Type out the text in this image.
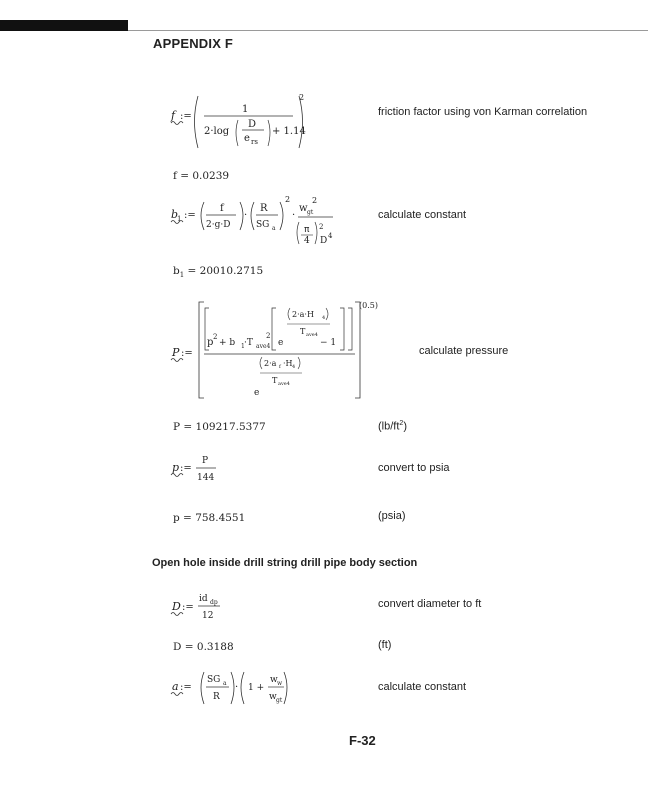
APPENDIX F
f :=
1
2·log
D
e rs
+ 1.14
2
friction factor using von Karman correlation
f = 0.0239
b
1 :=
f
2·g·D
·
R
SG a
2
·
w gt
2
π
4
2
D 4
calculate constant
$b_1 = 20010.2715$
P :=
(0.5)
p 2
+ b 1 ·T ave4
2
e
2·a·H 4
T ave4
− 1
2·a f ·H 4
T ave4
e
calculate pressure
P = 109217.5377	$(lb/ft^2)$
p :=
P
144
convert to psia
p = 758.4551	(psia)
Open hole inside drill string drill pipe body section
D :=
id dp
12
convert diameter to ft
D = 0.3188	(ft)
a :=
SG a
R
· 1 +
w w
w gt
calculate constant
F-32
